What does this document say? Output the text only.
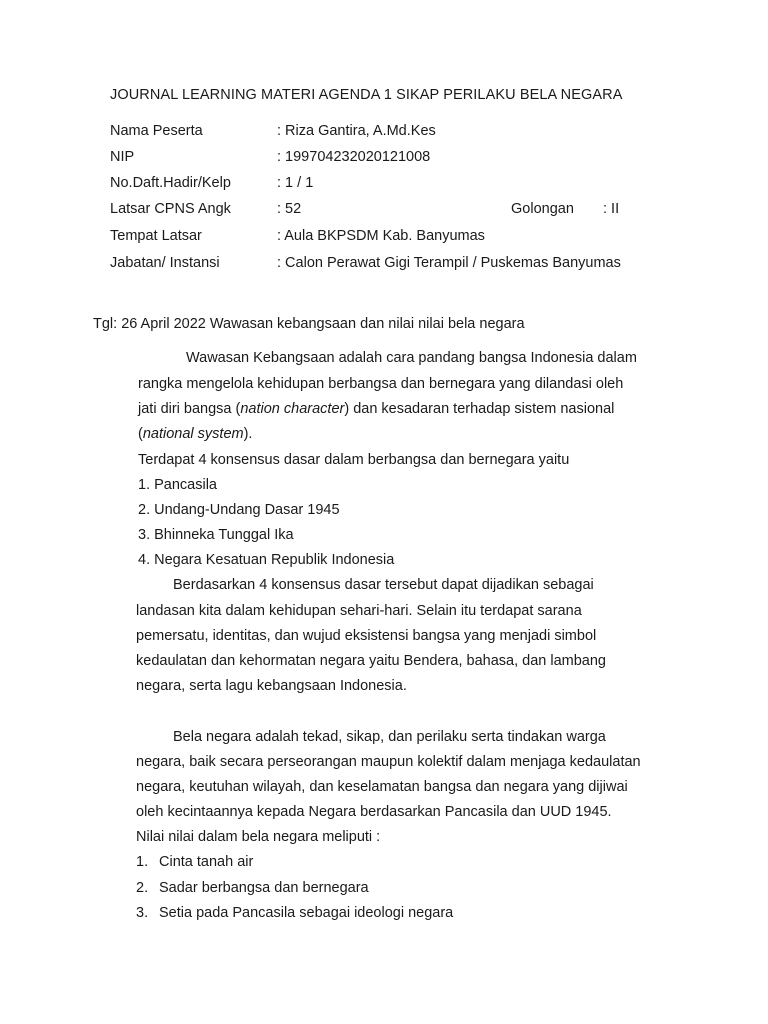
JOURNAL LEARNING MATERI AGENDA 1 SIKAP PERILAKU BELA NEGARA
Nama Peserta	: Riza Gantira, A.Md.Kes
NIP	: 199704232020121008
No.Daft.Hadir/Kelp	: 1 / 1
Latsar CPNS Angk	: 52	Golongan : II
Tempat Latsar	: Aula BKPSDM Kab. Banyumas
Jabatan/ Instansi	: Calon Perawat Gigi Terampil / Puskemas Banyumas
Tgl: 26 April 2022 Wawasan kebangsaan dan nilai nilai bela negara
Wawasan Kebangsaan adalah cara pandang bangsa Indonesia dalam
rangka mengelola kehidupan berbangsa dan bernegara yang dilandasi oleh
jati diri bangsa (nation character) dan kesadaran terhadap sistem nasional
(national system).
Terdapat 4 konsensus dasar dalam berbangsa dan bernegara yaitu
1. Pancasila
2. Undang-Undang Dasar 1945
3. Bhinneka Tunggal Ika
4. Negara Kesatuan Republik Indonesia
Berdasarkan 4 konsensus dasar tersebut dapat dijadikan sebagai
landasan kita dalam kehidupan sehari-hari. Selain itu terdapat sarana
pemersatu, identitas, dan wujud eksistensi bangsa yang menjadi simbol
kedaulatan dan kehormatan negara yaitu Bendera, bahasa, dan lambang
negara, serta lagu kebangsaan Indonesia.
Bela negara adalah tekad, sikap, dan perilaku serta tindakan warga
negara, baik secara perseorangan maupun kolektif dalam menjaga kedaulatan
negara, keutuhan wilayah, dan keselamatan bangsa dan negara yang dijiwai
oleh kecintaannya kepada Negara berdasarkan Pancasila dan UUD 1945.
Nilai nilai dalam bela negara meliputi :
1. Cinta tanah air
2. Sadar berbangsa dan bernegara
3. Setia pada Pancasila sebagai ideologi negara
